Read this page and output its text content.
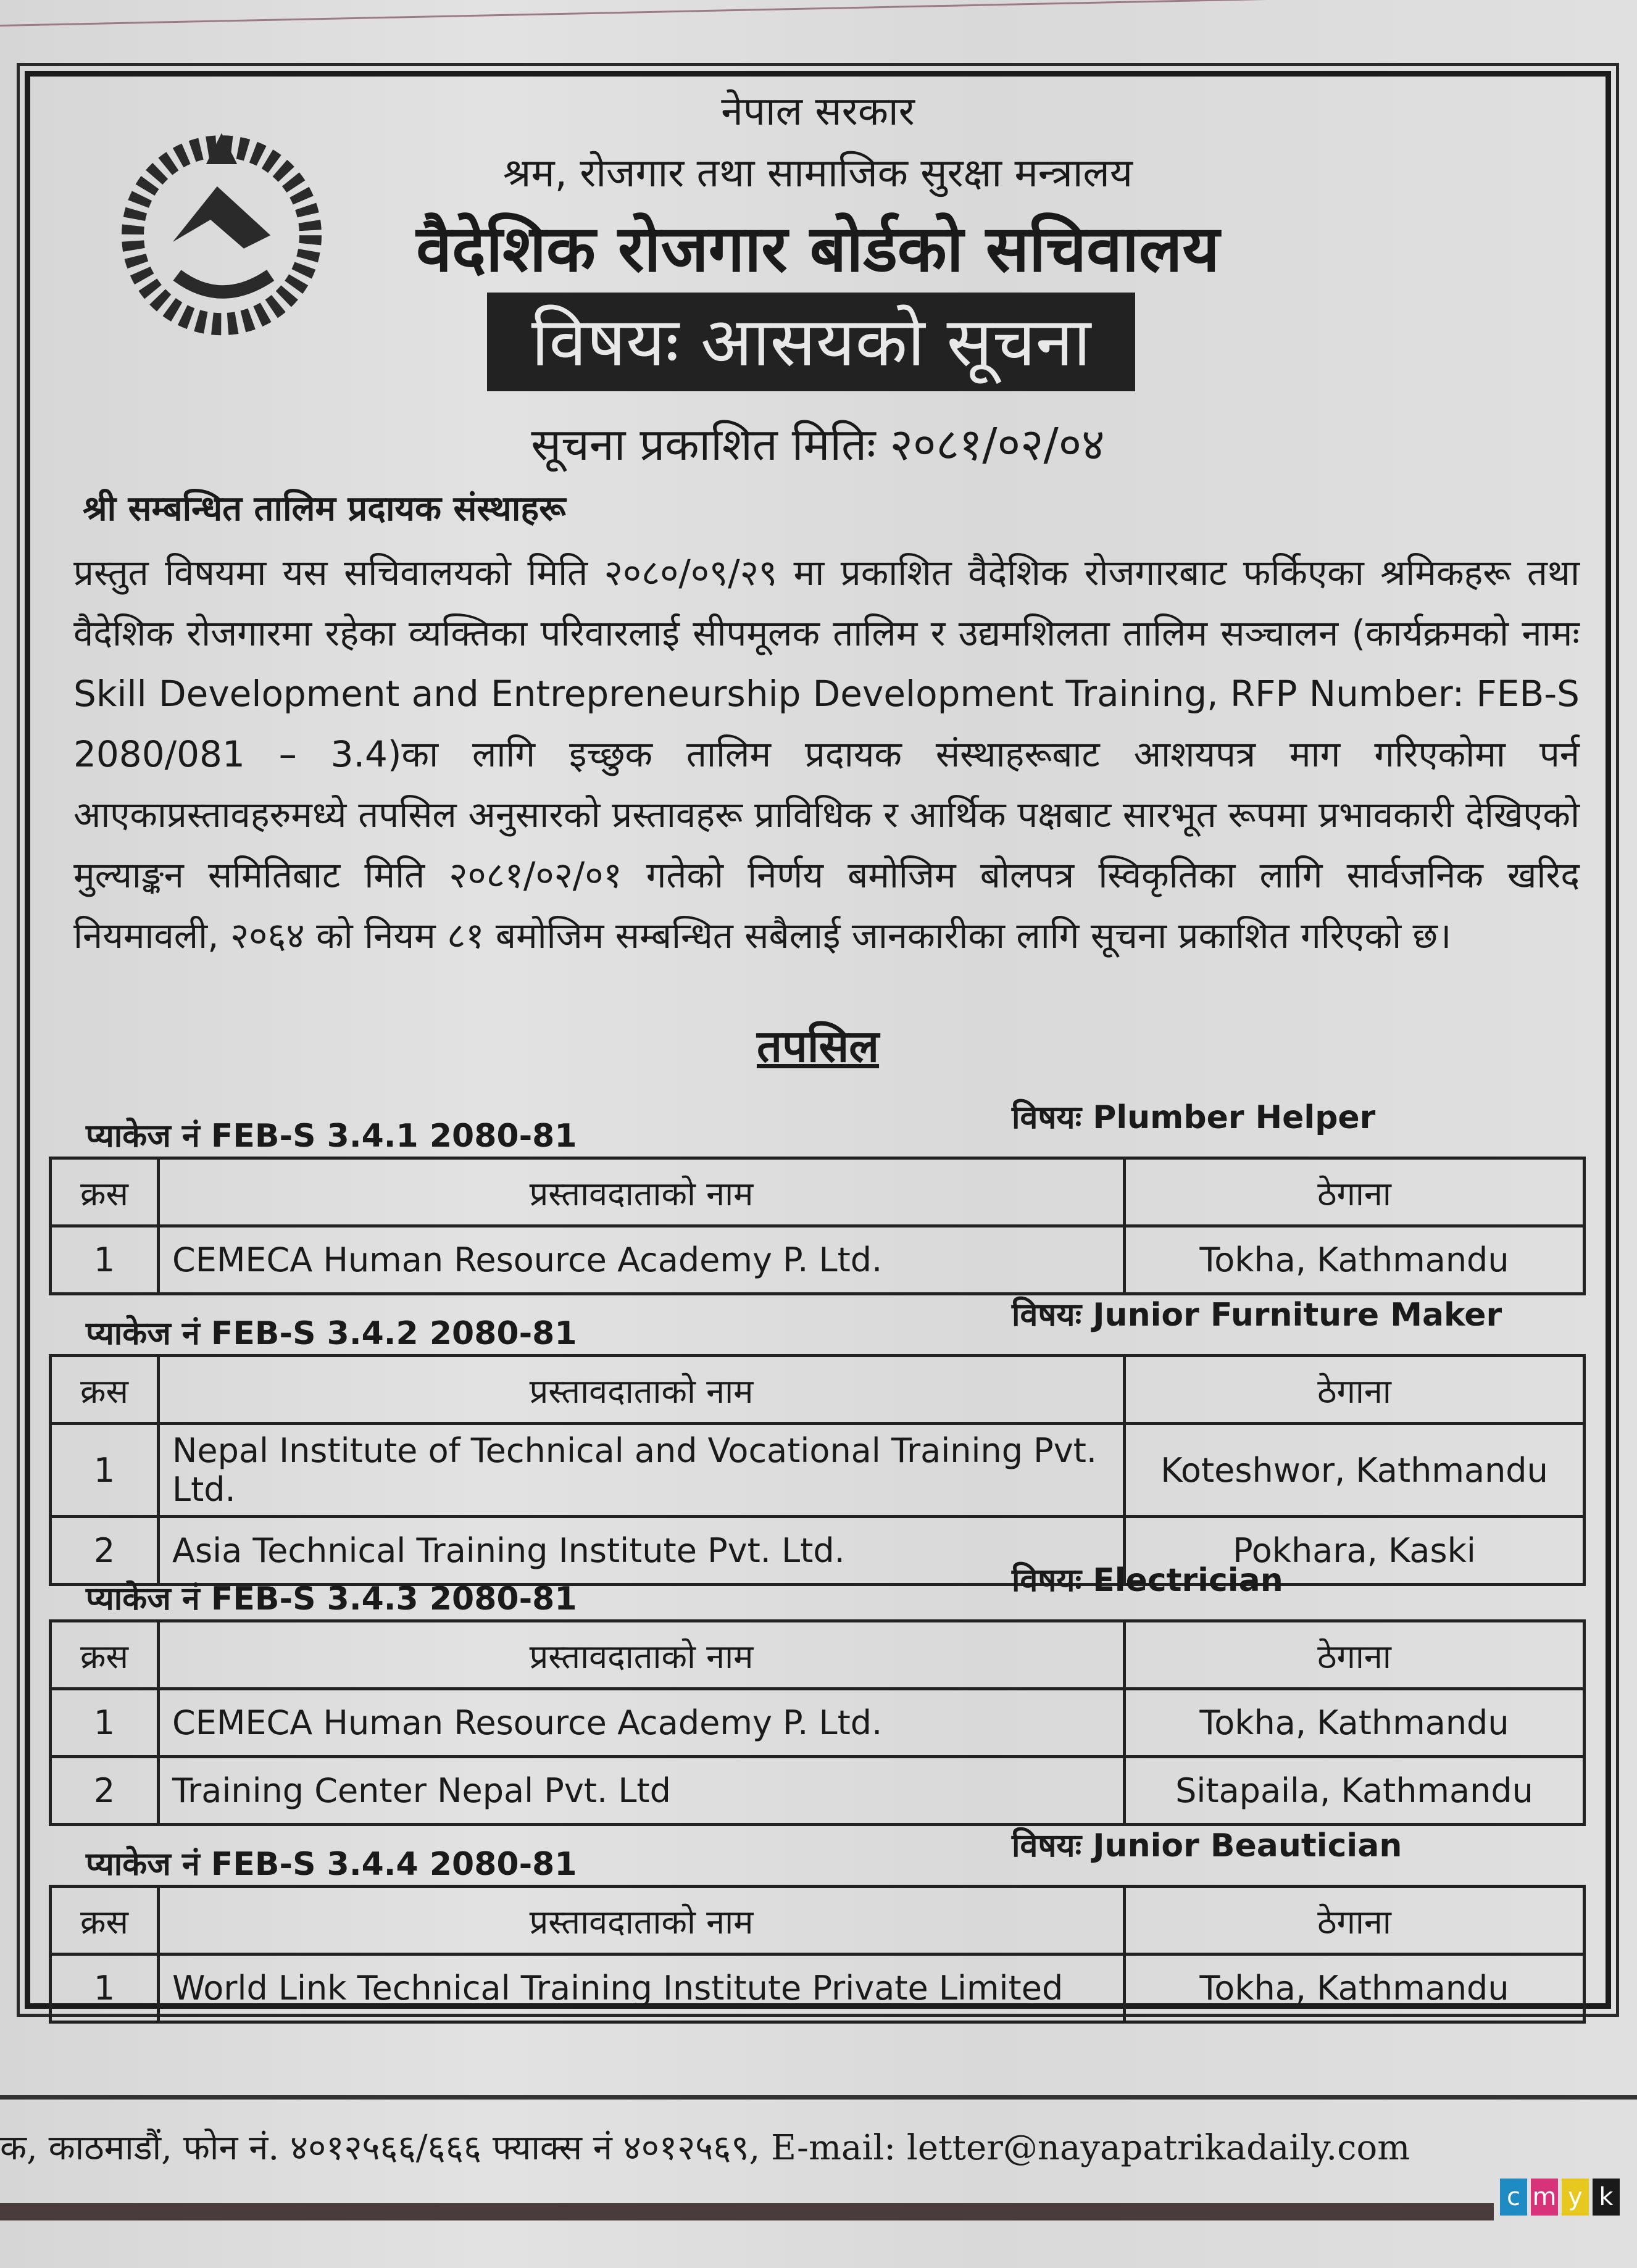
नेपाल सरकार
श्रम, रोजगार तथा सामाजिक सुरक्षा मन्त्रालय
वैदेशिक रोजगार बोर्डको सचिवालय
विषयः आसयको सूचना
सूचना प्रकाशित मितिः २०८१/०२/०४
श्री सम्बन्धित तालिम प्रदायक संस्थाहरू
प्रस्तुत विषयमा यस सचिवालयको मिति २०८०/०९/२९ मा प्रकाशित वैदेशिक रोजगारबाट फर्किएका श्रमिकहरू तथा वैदेशिक रोजगारमा रहेका व्यक्तिका परिवारलाई सीपमूलक तालिम र उद्यमशिलता तालिम सञ्चालन (कार्यक्रमको नामः Skill Development and Entrepreneurship Development Training, RFP Number: FEB-S 2080/081 – 3.4)का लागि इच्छुक तालिम प्रदायक संस्थाहरूबाट आशयपत्र माग गरिएकोमा पर्न आएकाप्रस्तावहरुमध्ये तपसिल अनुसारको प्रस्तावहरू प्राविधिक र आर्थिक पक्षबाट सारभूत रूपमा प्रभावकारी देखिएको मुल्याङ्कन समितिबाट मिति २०८१/०२/०१ गतेको निर्णय बमोजिम बोलपत्र स्विकृतिका लागि सार्वजनिक खरिद नियमावली, २०६४ को नियम ८१ बमोजिम सम्बन्धित सबैलाई जानकारीका लागि सूचना प्रकाशित गरिएको छ।
तपसिल
प्याकेज नं FEB-S 3.4.1 2080-81	विषयः Plumber Helper
क्रस	प्रस्तावदाताको नाम	ठेगाना
1	CEMECA Human Resource Academy P. Ltd.	Tokha, Kathmandu
प्याकेज नं FEB-S 3.4.2 2080-81	विषयः Junior Furniture Maker
क्रस	प्रस्तावदाताको नाम	ठेगाना
1	Nepal Institute of Technical and Vocational Training Pvt. Ltd.	Koteshwor, Kathmandu
2	Asia Technical Training Institute Pvt. Ltd.	Pokhara, Kaski
प्याकेज नं FEB-S 3.4.3 2080-81	विषयः Electrician
क्रस	प्रस्तावदाताको नाम	ठेगाना
1	CEMECA Human Resource Academy P. Ltd.	Tokha, Kathmandu
2	Training Center Nepal Pvt. Ltd	Sitapaila, Kathmandu
प्याकेज नं FEB-S 3.4.4 2080-81	विषयः Junior Beautician
क्रस	प्रस्तावदाताको नाम	ठेगाना
1	World Link Technical Training Institute Private Limited	Tokha, Kathmandu
क, काठमाडौं, फोन नं. ४०१२५६६/६६६ फ्याक्स नं ४०१२५६९, E-mail: letter@nayapatrikadaily.com
c m y k
